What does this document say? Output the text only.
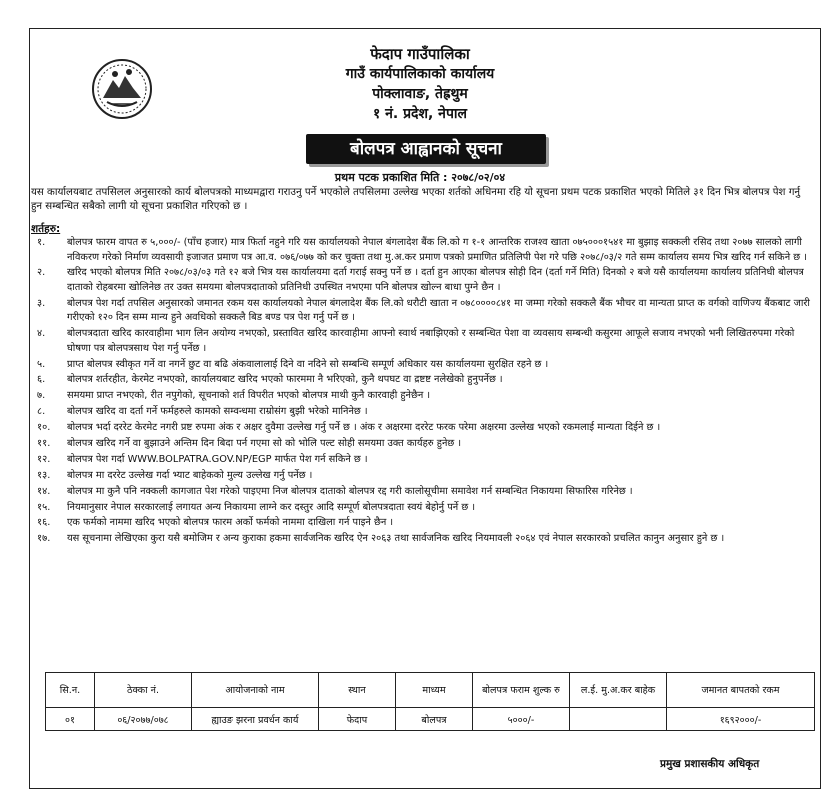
फेदाप गाउँपालिका
गाउँ कार्यपालिकाको कार्यालय
पोक्लावाङ, तेह्रथुम
१ नं. प्रदेश, नेपाल
बोलपत्र आह्वानको सूचना
प्रथम पटक प्रकाशित मिति : २०७८/०२/०४
यस कार्यालयबाट तपसिलल अनुसारको कार्य बोलपत्रको माध्यमद्वारा गराउनु पर्ने भएकोले तपसिलमा उल्लेख भएका शर्तको अधिनमा रहि यो सूचना प्रथम पटक प्रकाशित भएको मितिले ३१ दिन भित्र बोलपत्र पेश गर्नु हुन सम्बन्धित सबैको लागी यो सूचना प्रकाशित गरिएको छ ।
शर्तहरु:
१.	बोलपत्र फारम वापत रु ५,०००/- (पाँच हजार) मात्र फिर्ता नहुने गरि यस कार्यालयको नेपाल बंगलादेश बैंक लि.को ग १-१ आन्तरिक राजश्व खाता ०७५०००१५४१ मा बुझाइ सक्कली रसिद तथा २०७७ सालको लागी नविकरण गरेको निर्माण व्यवसायी इजाजत प्रमाण पत्र आ.व. ०७६/०७७ को कर चुक्ता तथा मु.अ.कर प्रमाण पत्रको प्रमाणित प्रतिलिपी पेश गरे पछि २०७८/०३/२ गते सम्म कार्यालय समय भित्र खरिद गर्न सकिने छ ।
२.	खरिद भएको बोलपत्र मिति २०७८/०३/०३ गते १२ बजे भित्र यस कार्यालयमा दर्ता गराई सक्नु पर्ने छ । दर्ता हुन आएका बोलपत्र सोही दिन (दर्ता गर्ने मिति) दिनको २ बजे यसै कार्यालयमा कार्यालय प्रतिनिधी बोलपत्र दाताको रोहबरमा खोलिनेछ तर उक्त समयमा बोलपत्रदाताको प्रतिनिधी उपस्थित नभएमा पनि बोलपत्र खोल्न बाधा पुग्ने छैन ।
३.	बोलपत्र पेश गर्दा तपसिल अनुसारको जमानत रकम यस कार्यालयको नेपाल बंगलादेश बैंक लि.को धरौटी खाता न ०७८००००८४१ मा जम्मा गरेको सक्कलै बैंक भौचर वा मान्यता प्राप्त क वर्गको वाणिज्य बैंकबाट जारी गरीएको १२० दिन सम्म मान्य हुने अवधिको सक्कलै बिड बण्ड पत्र पेश गर्नु पर्ने छ ।
४.	बोलपत्रदाता खरिद कारवाहीमा भाग लिन अयोग्य नभएको, प्रस्तावित खरिद कारवाहीमा आफ्नो स्वार्थ नबाझिएको र सम्बन्धित पेशा वा व्यवसाय सम्बन्धी कसुरमा आफूले सजाय नभएको भनी लिखितरुपमा गरेको घोषणा पत्र बोलपत्रसाथ पेश गर्नु पर्नेछ ।
५.	प्राप्त बोलपत्र स्वीकृत गर्ने वा नगर्ने छुट वा बढि अंकवालालाई दिने वा नदिने सो सम्बन्धि सम्पूर्ण अधिकार यस कार्यालयमा सुरक्षित रहने छ ।
६.	बोलपत्र शर्तरहीत, केरमेट नभएको, कार्यालयबाट खरिद भएको फारममा नै भरिएको, कुनै थपघट वा द्रष्टष्ट नलेखेको हुनुपर्नेछ ।
७.	समयमा प्राप्त नभएको, रीत नपुगेको, सूचनाको शर्त विपरीत भएको बोलपत्र माथी कुनै कारवाही हुनेछैन ।
८.	बोलपत्र खरिद वा दर्ता गर्ने फर्महरुले कामको सम्वन्धमा राम्रोसंग बुझी भरेको मानिनेछ ।
१०.	बोलपत्र भर्दा दररेट केरमेट नगरी प्रष्ट रुपमा अंक र अक्षर दुवैमा उल्लेख गर्नु पर्ने छ । अंक र अक्षरमा दररेट फरक परेमा अक्षरमा उल्लेख भएको रकमलाई मान्यता दिईने छ ।
११.	बोलपत्र खरिद गर्ने वा बुझाउने अन्तिम दिन बिदा पर्न गएमा सो को भोलि पल्ट सोही समयमा उक्त कार्यहरु हुनेछ ।
१२.	बोलपत्र पेश गर्दा WWW.BOLPATRA.GOV.NP/EGP मार्फत पेश गर्न सकिने छ ।
१३.	बोलपत्र मा दररेट उल्लेख गर्दा भ्याट बाहेकको मुल्य उल्लेख गर्नु पर्नेछ ।
१४.	बोलपत्र मा कुनै पनि नक्कली कागजात पेश गरेको पाइएमा निज बोलपत्र दाताको बोलपत्र रद्द गरी कालोसूचीमा समावेश गर्न सम्बन्धित निकायमा सिफारिस गरिनेछ ।
१५.	नियमानुसार नेपाल सरकारलाई लगायत अन्य निकायमा लाग्ने कर दस्तुर आदि सम्पूर्ण बोलपत्रदाता स्वयं बेहोर्नु पर्ने छ ।
१६.	एक फर्मको नाममा खरिद भएको बोलपत्र फारम अर्को फर्मको नाममा दाखिला गर्न पाइने छैन ।
१७.	यस सूचनामा लेखिएका कुरा यसै बमोजिम र अन्य कुराका हकमा सार्वजनिक खरिद ऐन २०६३ तथा सार्वजनिक खरिद नियमावली २०६४ एवं नेपाल सरकारको प्रचलित कानुन अनुसार हुने छ ।
सि.न.	ठेक्का नं.	आयोजनाको नाम	स्थान	माध्यम	बोलपत्र फराम शुल्क रु	ल.ई. मु.अ.कर बाहेक	जमानत बापतको रकम
०१	०६/२०७७/०७८	ह्याउङ झरना प्रवर्धन कार्य	फेदाप	बोलपत्र	५०००/-		१६९२०००/-
प्रमुख प्रशासकीय अधिकृत
